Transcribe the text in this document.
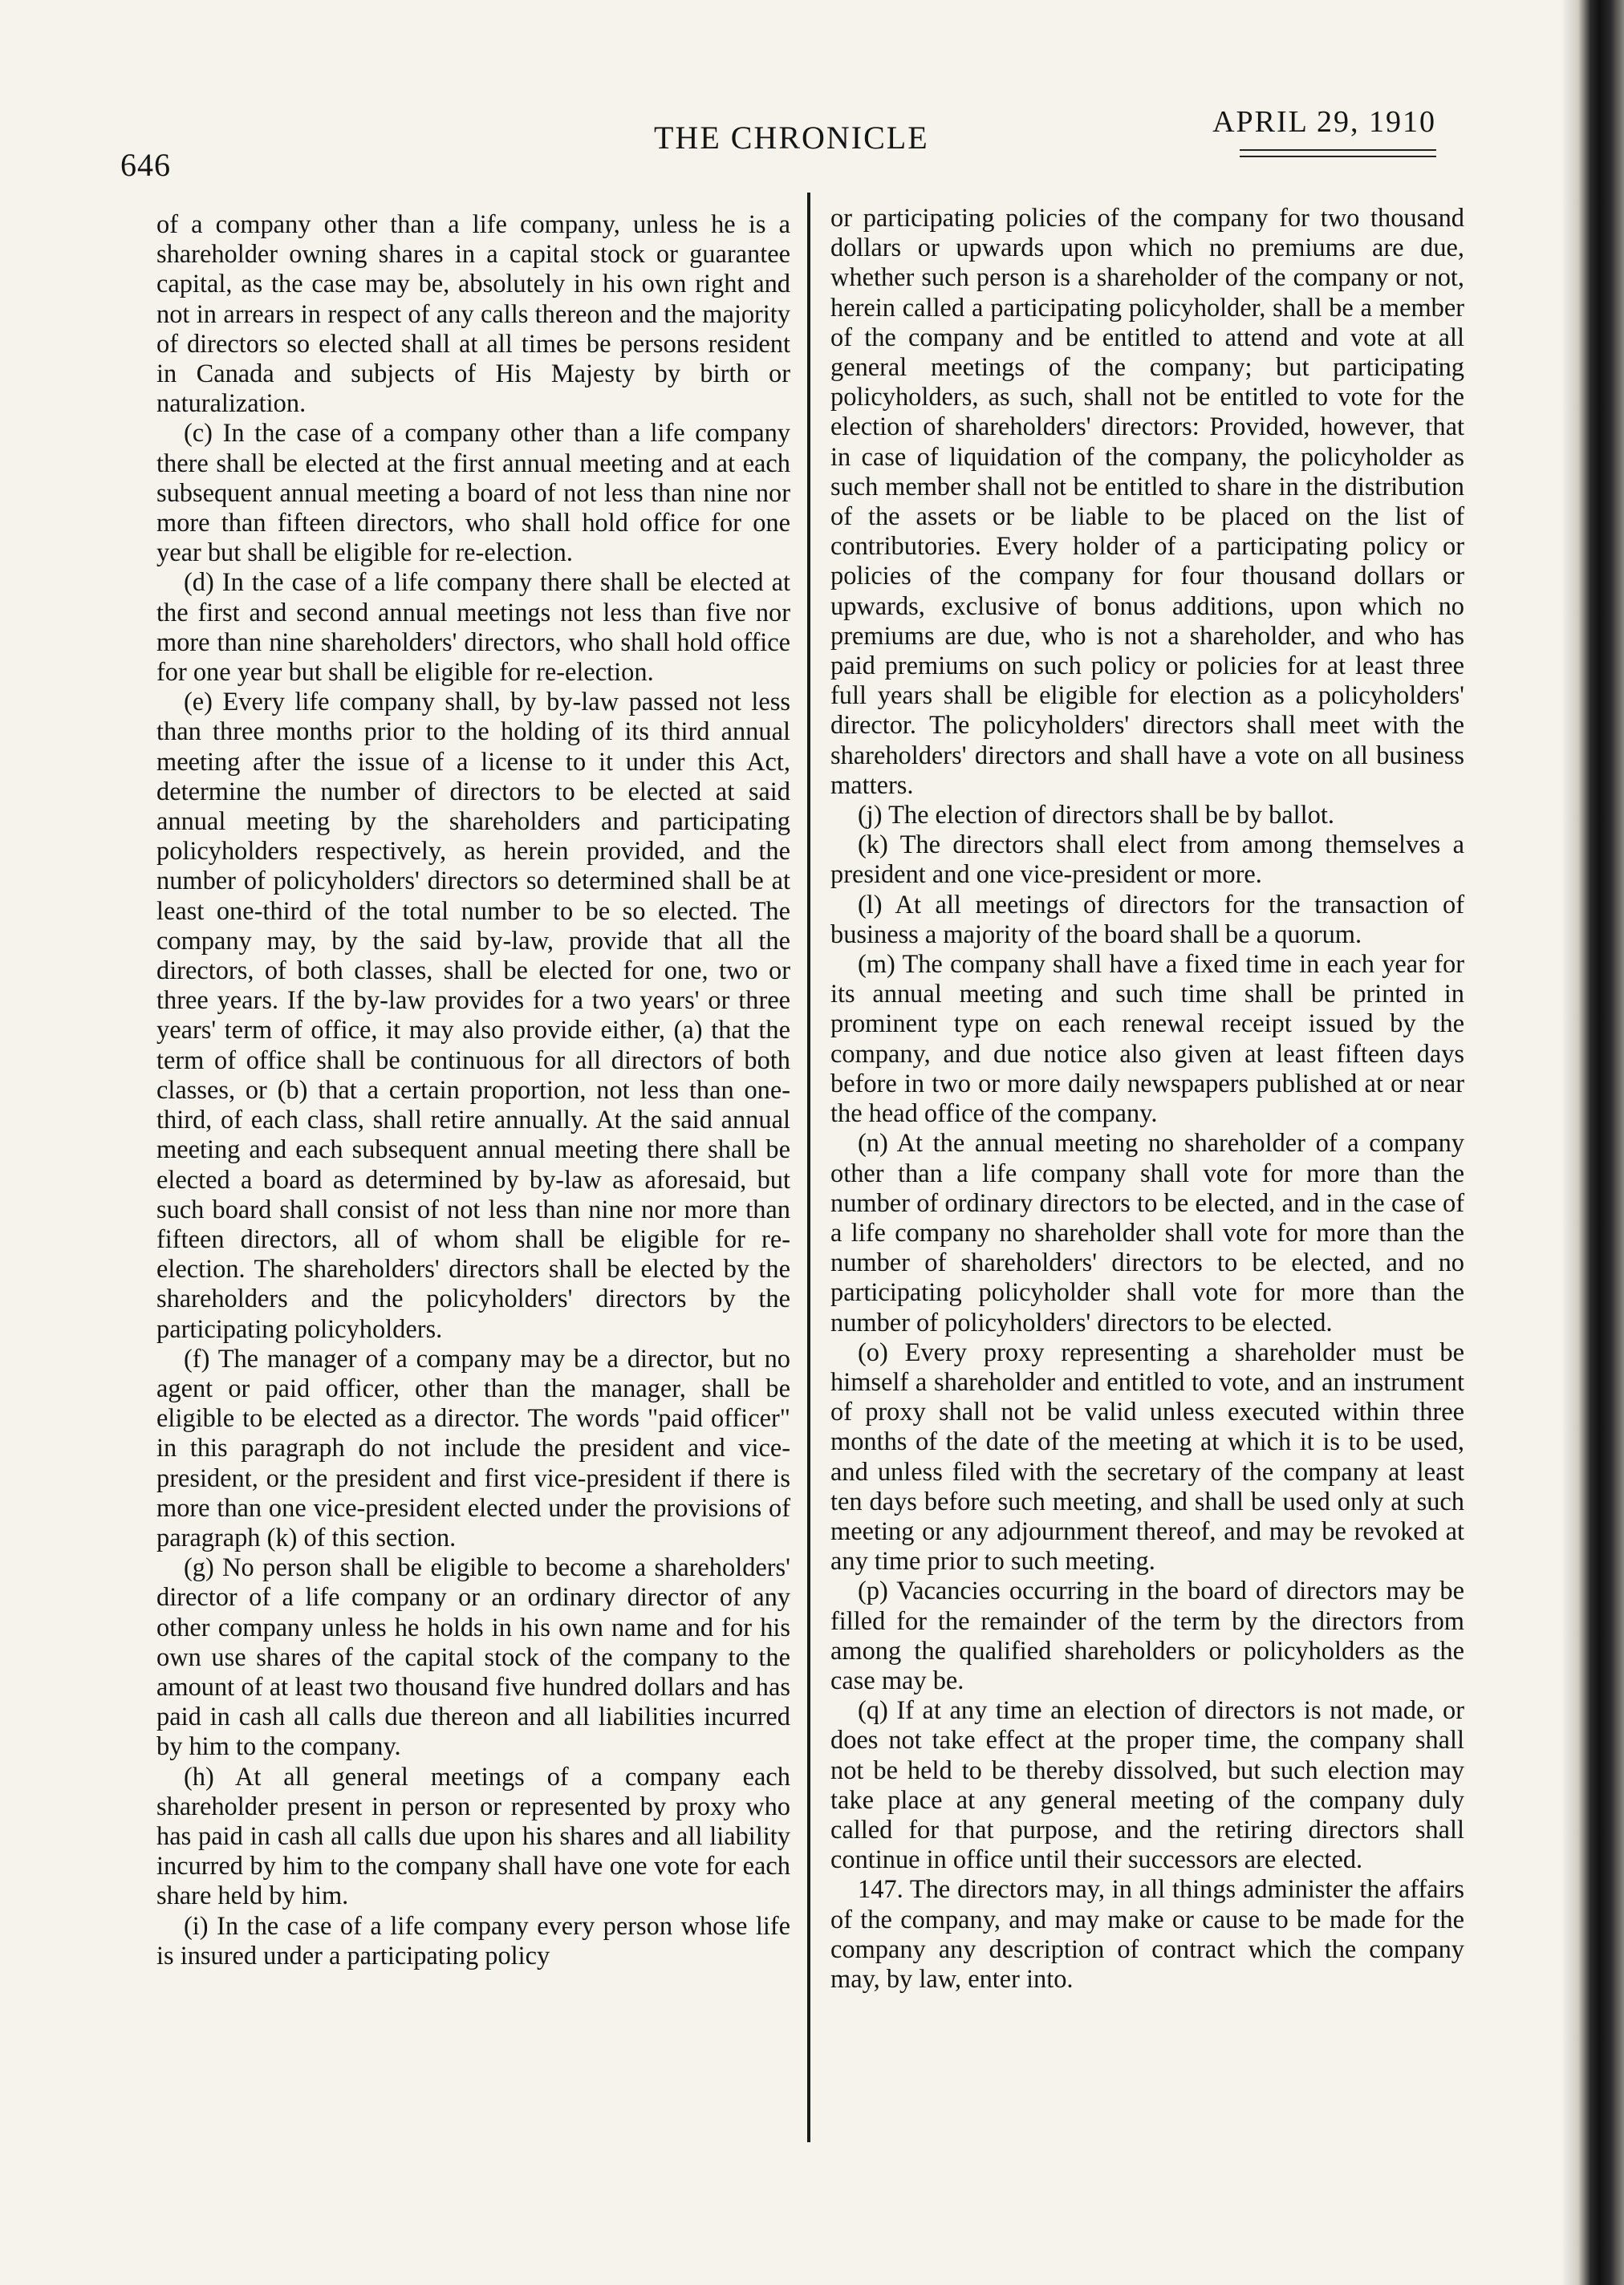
646
THE CHRONICLE	APRIL 29, 1910

of a company other than a life company, unless he is a shareholder owning shares in a capital stock or guarantee capital, as the case may be, absolutely in his own right and not in arrears in respect of any calls thereon and the majority of directors so elected shall at all times be persons resident in Canada and subjects of His Majesty by birth or naturalization.

(c) In the case of a company other than a life company there shall be elected at the first annual meeting and at each subsequent annual meeting a board of not less than nine nor more than fifteen directors, who shall hold office for one year but shall be eligible for re-election.

(d) In the case of a life company there shall be elected at the first and second annual meetings not less than five nor more than nine shareholders' directors, who shall hold office for one year but shall be eligible for re-election.

(e) Every life company shall, by by-law passed not less than three months prior to the holding of its third annual meeting after the issue of a license to it under this Act, determine the number of directors to be elected at said annual meeting by the shareholders and participating policyholders respectively, as herein provided, and the number of policyholders' directors so determined shall be at least one-third of the total number to be so elected. The company may, by the said by-law, provide that all the directors, of both classes, shall be elected for one, two or three years. If the by-law provides for a two years' or three years' term of office, it may also provide either, (a) that the term of office shall be continuous for all directors of both classes, or (b) that a certain proportion, not less than one-third, of each class, shall retire annually. At the said annual meeting and each subsequent annual meeting there shall be elected a board as determined by by-law as aforesaid, but such board shall consist of not less than nine nor more than fifteen directors, all of whom shall be eligible for re-election. The shareholders' directors shall be elected by the shareholders and the policyholders' directors by the participating policyholders.

(f) The manager of a company may be a director, but no agent or paid officer, other than the manager, shall be eligible to be elected as a director. The words "paid officer" in this paragraph do not include the president and vice-president, or the president and first vice-president if there is more than one vice-president elected under the provisions of paragraph (k) of this section.

(g) No person shall be eligible to become a shareholders' director of a life company or an ordinary director of any other company unless he holds in his own name and for his own use shares of the capital stock of the company to the amount of at least two thousand five hundred dollars and has paid in cash all calls due thereon and all liabilities incurred by him to the company.

(h) At all general meetings of a company each shareholder present in person or represented by proxy who has paid in cash all calls due upon his shares and all liability incurred by him to the company shall have one vote for each share held by him.

(i) In the case of a life company every person whose life is insured under a participating policy

or participating policies of the company for two thousand dollars or upwards upon which no premiums are due, whether such person is a shareholder of the company or not, herein called a participating policyholder, shall be a member of the company and be entitled to attend and vote at all general meetings of the company; but participating policyholders, as such, shall not be entitled to vote for the election of shareholders' directors: Provided, however, that in case of liquidation of the company, the policyholder as such member shall not be entitled to share in the distribution of the assets or be liable to be placed on the list of contributories. Every holder of a participating policy or policies of the company for four thousand dollars or upwards, exclusive of bonus additions, upon which no premiums are due, who is not a shareholder, and who has paid premiums on such policy or policies for at least three full years shall be eligible for election as a policyholders' director. The policyholders' directors shall meet with the shareholders' directors and shall have a vote on all business matters.

(j) The election of directors shall be by ballot.

(k) The directors shall elect from among themselves a president and one vice-president or more.

(l) At all meetings of directors for the transaction of business a majority of the board shall be a quorum.

(m) The company shall have a fixed time in each year for its annual meeting and such time shall be printed in prominent type on each renewal receipt issued by the company, and due notice also given at least fifteen days before in two or more daily newspapers published at or near the head office of the company.

(n) At the annual meeting no shareholder of a company other than a life company shall vote for more than the number of ordinary directors to be elected, and in the case of a life company no shareholder shall vote for more than the number of shareholders' directors to be elected, and no participating policyholder shall vote for more than the number of policyholders' directors to be elected.

(o) Every proxy representing a shareholder must be himself a shareholder and entitled to vote, and an instrument of proxy shall not be valid unless executed within three months of the date of the meeting at which it is to be used, and unless filed with the secretary of the company at least ten days before such meeting, and shall be used only at such meeting or any adjournment thereof, and may be revoked at any time prior to such meeting.

(p) Vacancies occurring in the board of directors may be filled for the remainder of the term by the directors from among the qualified shareholders or policyholders as the case may be.

(q) If at any time an election of directors is not made, or does not take effect at the proper time, the company shall not be held to be thereby dissolved, but such election may take place at any general meeting of the company duly called for that purpose, and the retiring directors shall continue in office until their successors are elected.

147. The directors may, in all things administer the affairs of the company, and may make or cause to be made for the company any description of contract which the company may, by law, enter into.
